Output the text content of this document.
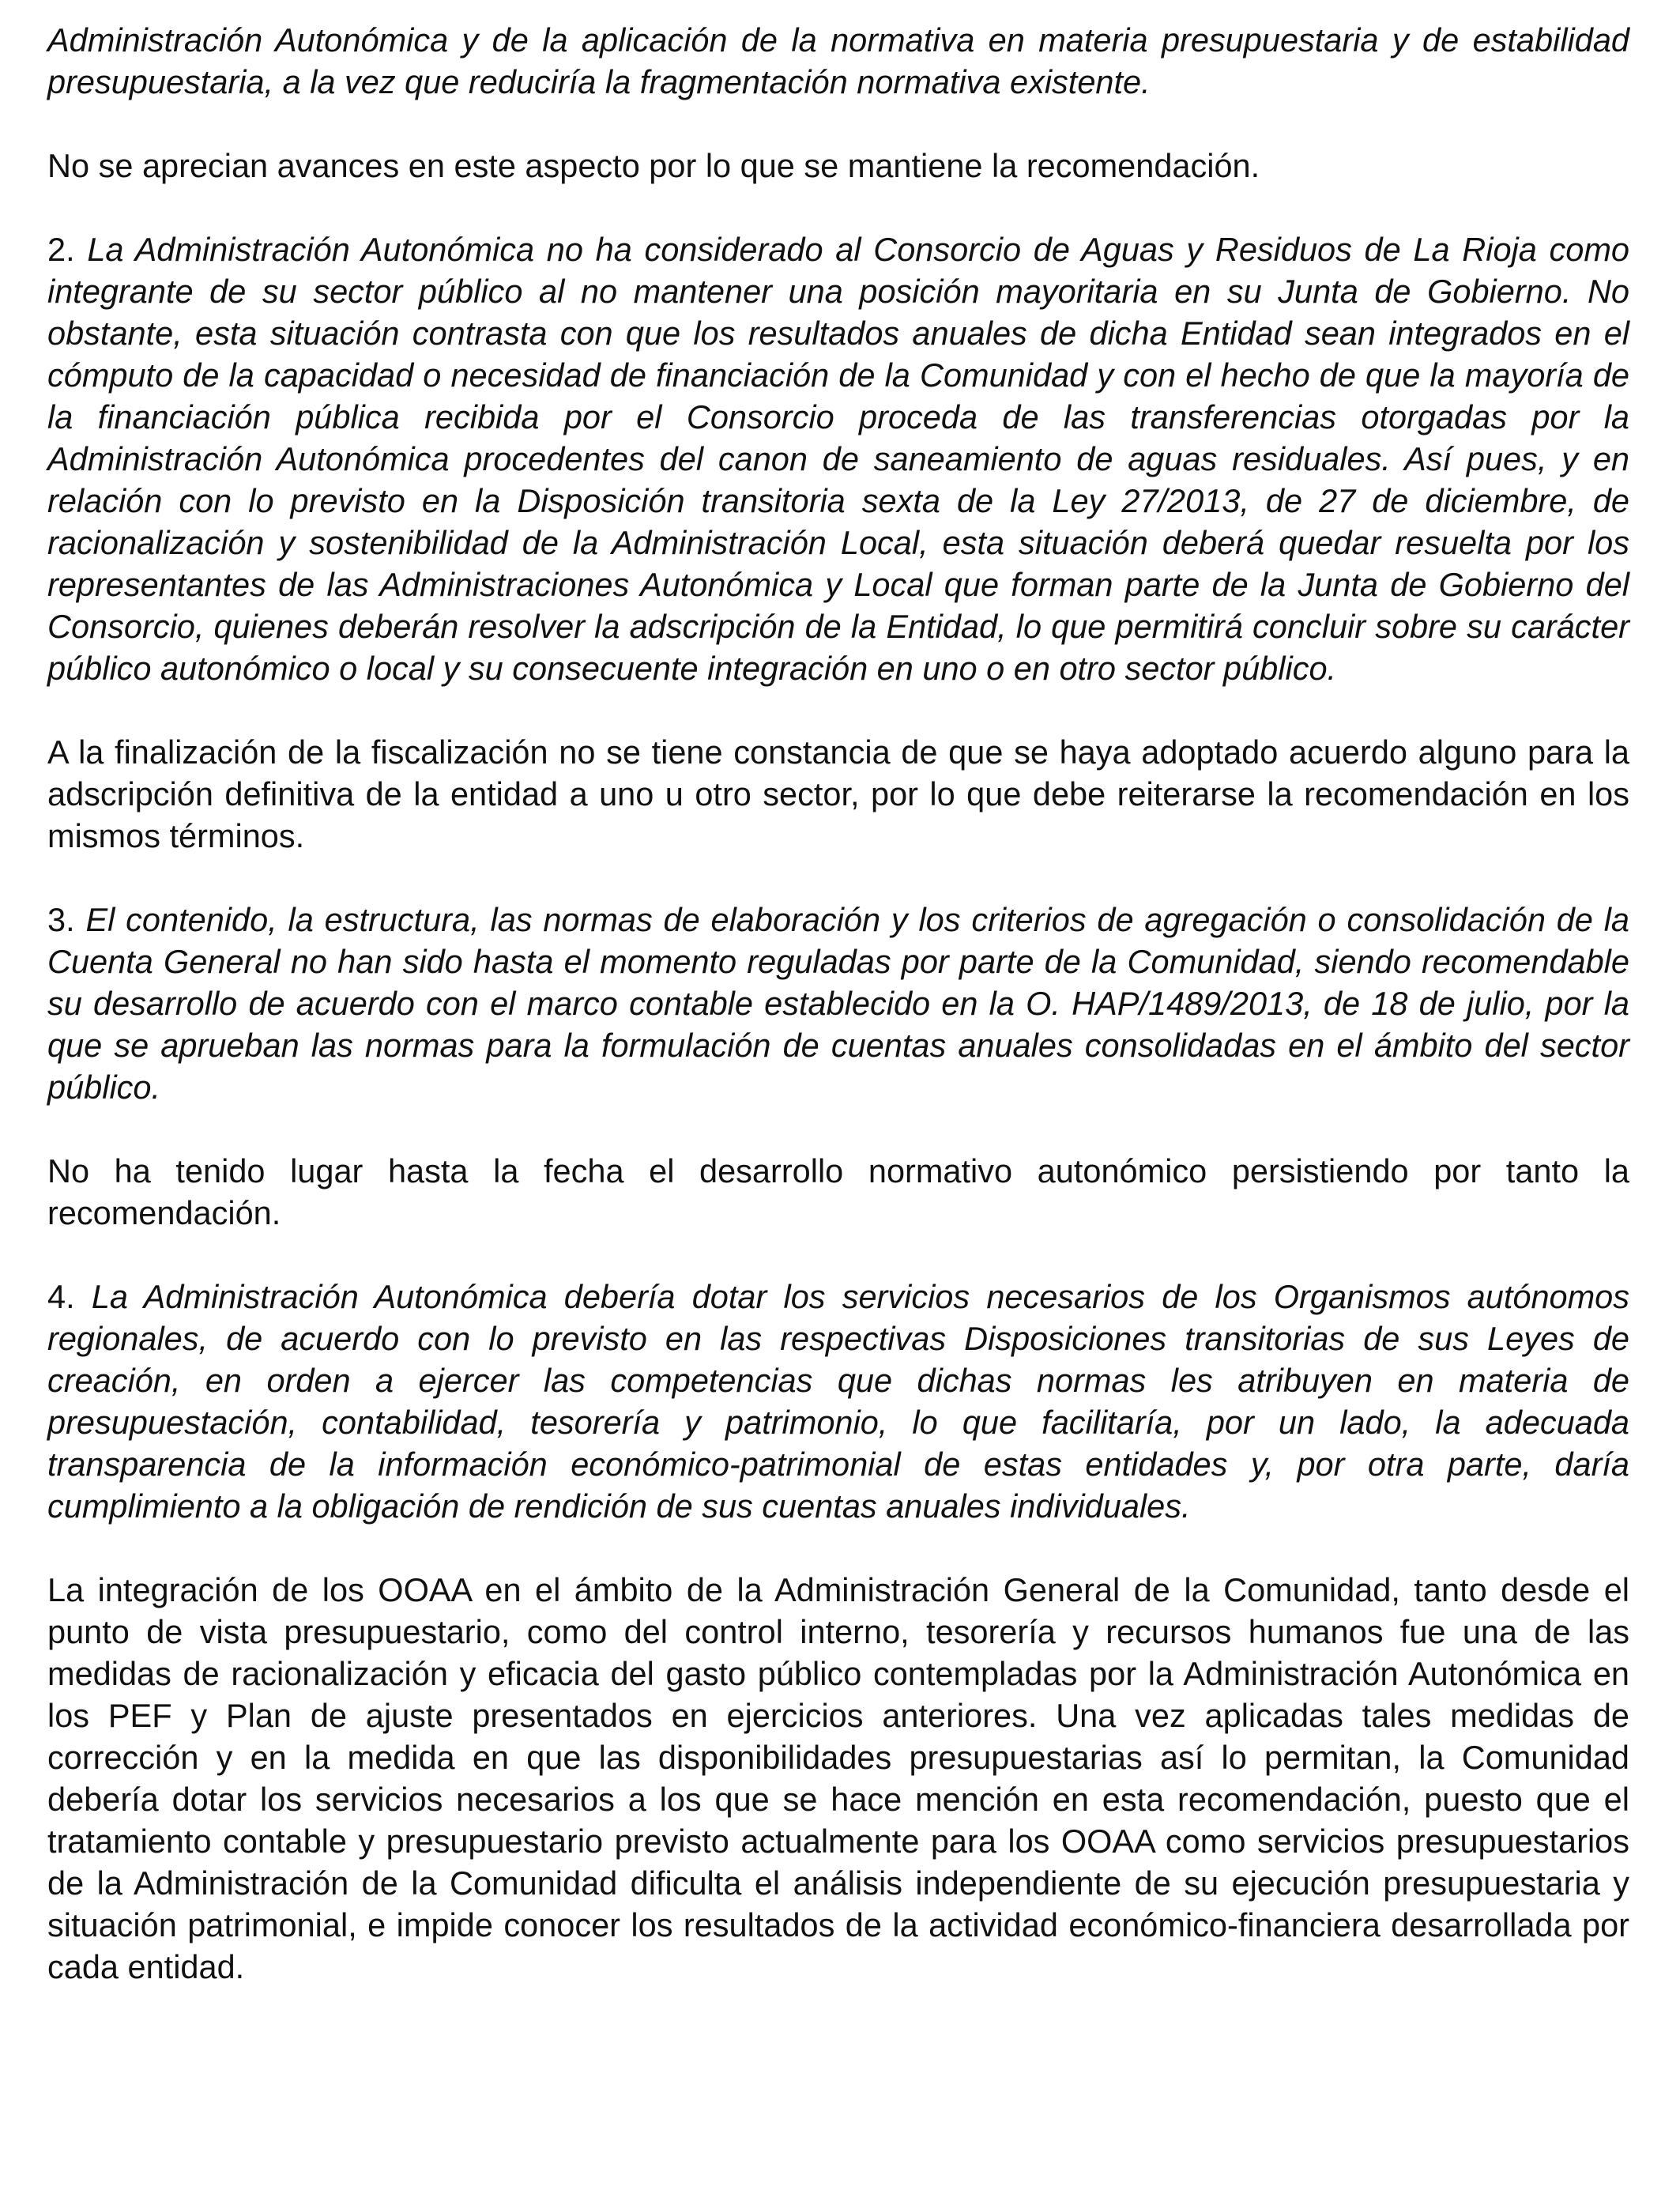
Administración Autonómica y de la aplicación de la normativa en materia presupuestaria y de estabilidad presupuestaria, a la vez que reduciría la fragmentación normativa existente.

No se aprecian avances en este aspecto por lo que se mantiene la recomendación.

2. La Administración Autonómica no ha considerado al Consorcio de Aguas y Residuos de La Rioja como integrante de su sector público al no mantener una posición mayoritaria en su Junta de Gobierno. No obstante, esta situación contrasta con que los resultados anuales de dicha Entidad sean integrados en el cómputo de la capacidad o necesidad de financiación de la Comunidad y con el hecho de que la mayoría de la financiación pública recibida por el Consorcio proceda de las transferencias otorgadas por la Administración Autonómica procedentes del canon de saneamiento de aguas residuales. Así pues, y en relación con lo previsto en la Disposición transitoria sexta de la Ley 27/2013, de 27 de diciembre, de racionalización y sostenibilidad de la Administración Local, esta situación deberá quedar resuelta por los representantes de las Administraciones Autonómica y Local que forman parte de la Junta de Gobierno del Consorcio, quienes deberán resolver la adscripción de la Entidad, lo que permitirá concluir sobre su carácter público autonómico o local y su consecuente integración en uno o en otro sector público.

A la finalización de la fiscalización no se tiene constancia de que se haya adoptado acuerdo alguno para la adscripción definitiva de la entidad a uno u otro sector, por lo que debe reiterarse la recomendación en los mismos términos.

3. El contenido, la estructura, las normas de elaboración y los criterios de agregación o consolidación de la Cuenta General no han sido hasta el momento reguladas por parte de la Comunidad, siendo recomendable su desarrollo de acuerdo con el marco contable establecido en la O. HAP/1489/2013, de 18 de julio, por la que se aprueban las normas para la formulación de cuentas anuales consolidadas en el ámbito del sector público.

No ha tenido lugar hasta la fecha el desarrollo normativo autonómico persistiendo por tanto la recomendación.

4. La Administración Autonómica debería dotar los servicios necesarios de los Organismos autónomos regionales, de acuerdo con lo previsto en las respectivas Disposiciones transitorias de sus Leyes de creación, en orden a ejercer las competencias que dichas normas les atribuyen en materia de presupuestación, contabilidad, tesorería y patrimonio, lo que facilitaría, por un lado, la adecuada transparencia de la información económico-patrimonial de estas entidades y, por otra parte, daría cumplimiento a la obligación de rendición de sus cuentas anuales individuales.

La integración de los OOAA en el ámbito de la Administración General de la Comunidad, tanto desde el punto de vista presupuestario, como del control interno, tesorería y recursos humanos fue una de las medidas de racionalización y eficacia del gasto público contempladas por la Administración Autonómica en los PEF y Plan de ajuste presentados en ejercicios anteriores. Una vez aplicadas tales medidas de corrección y en la medida en que las disponibilidades presupuestarias así lo permitan, la Comunidad debería dotar los servicios necesarios a los que se hace mención en esta recomendación, puesto que el tratamiento contable y presupuestario previsto actualmente para los OOAA como servicios presupuestarios de la Administración de la Comunidad dificulta el análisis independiente de su ejecución presupuestaria y situación patrimonial, e impide conocer los resultados de la actividad económico-financiera desarrollada por cada entidad.
